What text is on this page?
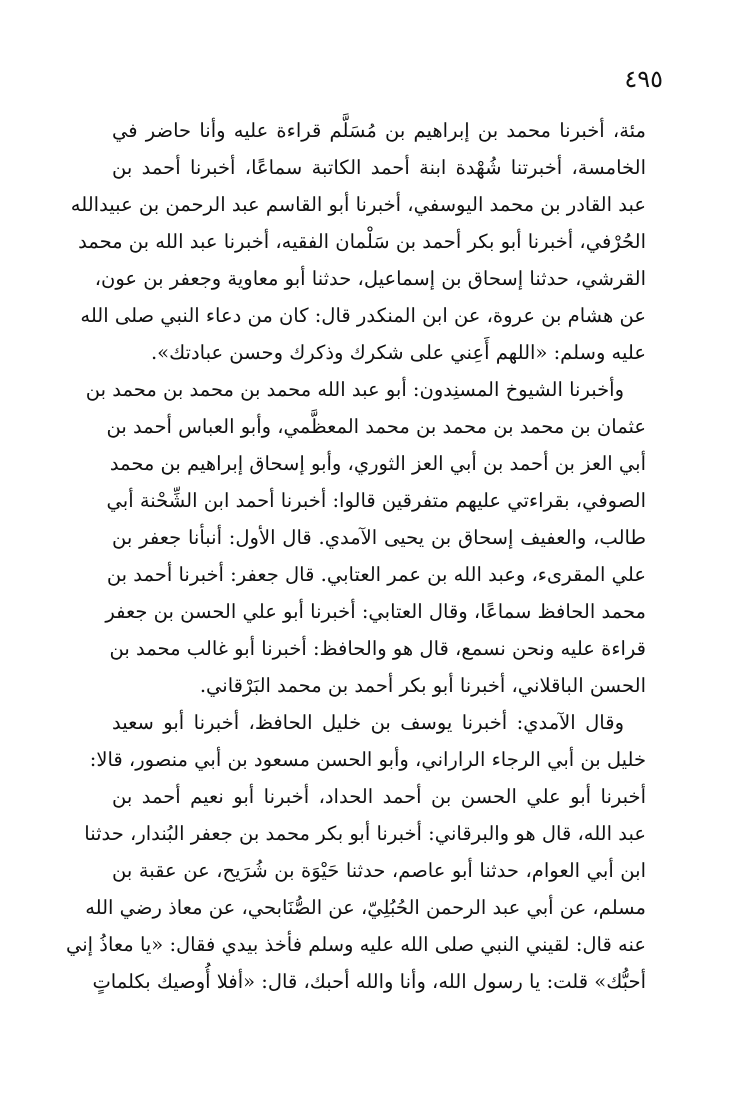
٤٩٥
مئة، أخبرنا محمد بن إبراهيم بن مُسَلَّم قراءة عليه وأنا حاضر في
الخامسة، أخبرتنا شُهْدة ابنة أحمد الكاتبة سماعًا، أخبرنا أحمد بن
عبد القادر بن محمد اليوسفي، أخبرنا أبو القاسم عبد الرحمن بن عبيدالله
الحُرْفي، أخبرنا أبو بكر أحمد بن سَلْمان الفقيه، أخبرنا عبد الله بن محمد
القرشي، حدثنا إسحاق بن إسماعيل، حدثنا أبو معاوية وجعفر بن عون،
عن هشام بن عروة، عن ابن المنكدر قال: كان من دعاء النبي صلى الله
عليه وسلم: «اللهم أَعِني على شكرك وذكرك وحسن عبادتك».
وأخبرنا الشيوخ المسنِدون: أبو عبد الله محمد بن محمد بن محمد بن
عثمان بن محمد بن محمد بن محمد المعظَّمي، وأبو العباس أحمد بن
أبي العز بن أحمد بن أبي العز الثوري، وأبو إسحاق إبراهيم بن محمد
الصوفي، بقراءتي عليهم متفرقين قالوا: أخبرنا أحمد ابن الشِّحْنة أبي
طالب، والعفيف إسحاق بن يحيى الآمدي. قال الأول: أنبأنا جعفر بن
علي المقرىء، وعبد الله بن عمر العتابي. قال جعفر: أخبرنا أحمد بن
محمد الحافظ سماعًا، وقال العتابي: أخبرنا أبو علي الحسن بن جعفر
قراءة عليه ونحن نسمع، قال هو والحافظ: أخبرنا أبو غالب محمد بن
الحسن الباقلاني، أخبرنا أبو بكر أحمد بن محمد البَرْقاني.
وقال الآمدي: أخبرنا يوسف بن خليل الحافظ، أخبرنا أبو سعيد
خليل بن أبي الرجاء الراراني، وأبو الحسن مسعود بن أبي منصور، قالا:
أخبرنا أبو علي الحسن بن أحمد الحداد، أخبرنا أبو نعيم أحمد بن
عبد الله، قال هو والبرقاني: أخبرنا أبو بكر محمد بن جعفر البُندار، حدثنا
ابن أبي العوام، حدثنا أبو عاصم، حدثنا حَيْوَة بن شُرَيح، عن عقبة بن
مسلم، عن أبي عبد الرحمن الحُبُلِيّ، عن الصُّنَابحي، عن معاذ رضي الله
عنه قال: لقيني النبي صلى الله عليه وسلم فأخذ بيدي فقال: «يا معاذُ إني
أحبُّك» قلت: يا رسول الله، وأنا والله أحبك، قال: «أفلا أُوصيك بكلماتٍ
